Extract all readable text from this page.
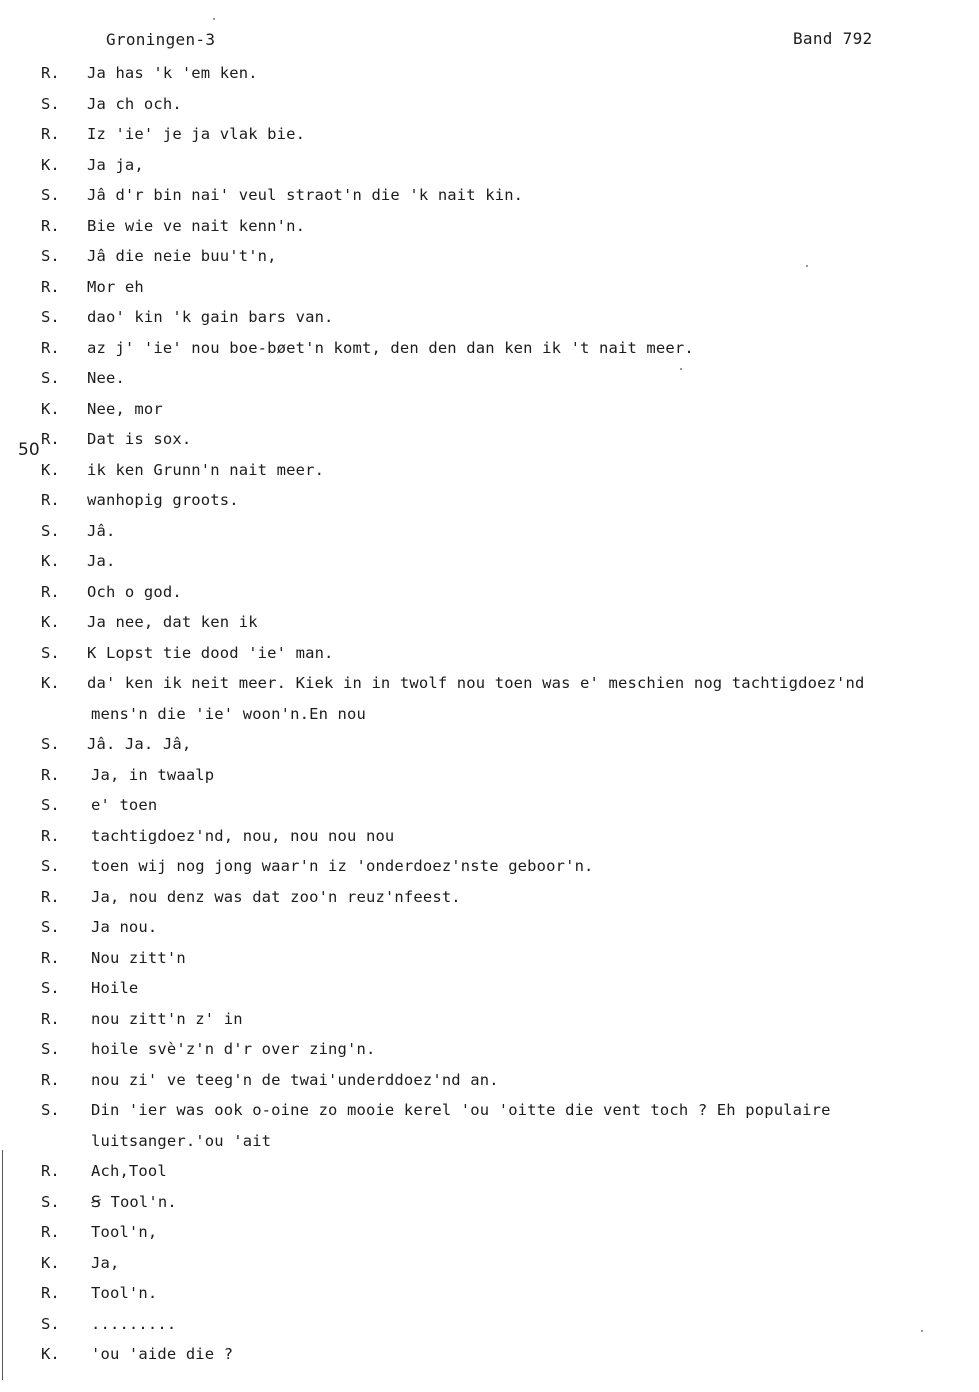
Groningen-3	Band 792
50
R.	Ja has 'k 'em ken.
S.	Ja ch och.
R.	Iz 'ie' je ja vlak bie.
K.	Ja ja,
S.	Jâ d'r bin nai' veul straot'n die 'k nait kin.
R.	Bie wie ve nait kenn'n.
S.	Jâ die neie buu't'n,
R.	Mor eh
S.	dao' kin 'k gain bars van.
R.	az j' 'ie' nou boe-bøet'n komt, den den dan ken ik 't nait meer.
S.	Nee.
K.	Nee, mor
R.	Dat is sox.
K.	ik ken Grunn'n nait meer.
R.	wanhopig groots.
S.	Jâ.
K.	Ja.
R.	Och o god.
K.	Ja nee, dat ken ik
S.	K Lopst tie dood 'ie' man.
K.	da' ken ik neit meer. Kiek in in twolf nou toen was e' meschien nog tachtigdoez'nd
mens'n die 'ie' woon'n.En nou
S.	Jâ. Ja. Jâ,
R.	Ja, in twaalp
S.	e' toen
R.	tachtigdoez'nd, nou, nou nou nou
S.	toen wij nog jong waar'n iz 'onderdoez'nste geboor'n.
R.	Ja, nou denz was dat zoo'n reuz'nfeest.
S.	Ja nou.
R.	Nou zitt'n
S.	Hoile
R.	nou zitt'n z' in
S.	hoile svè'z'n d'r over zing'n.
R.	nou zi' ve teeg'n de twai'underddoez'nd an.
S.	Din 'ier was ook o-oine zo mooie kerel 'ou 'oitte die vent toch ? Eh populaire
luitsanger.'ou 'ait
R.	Ach,Tool
S.	Ꞩ Tool'n.
R.	Tool'n,
K.	Ja,
R.	Tool'n.
S.	.........
K.	'ou 'aide die ?
